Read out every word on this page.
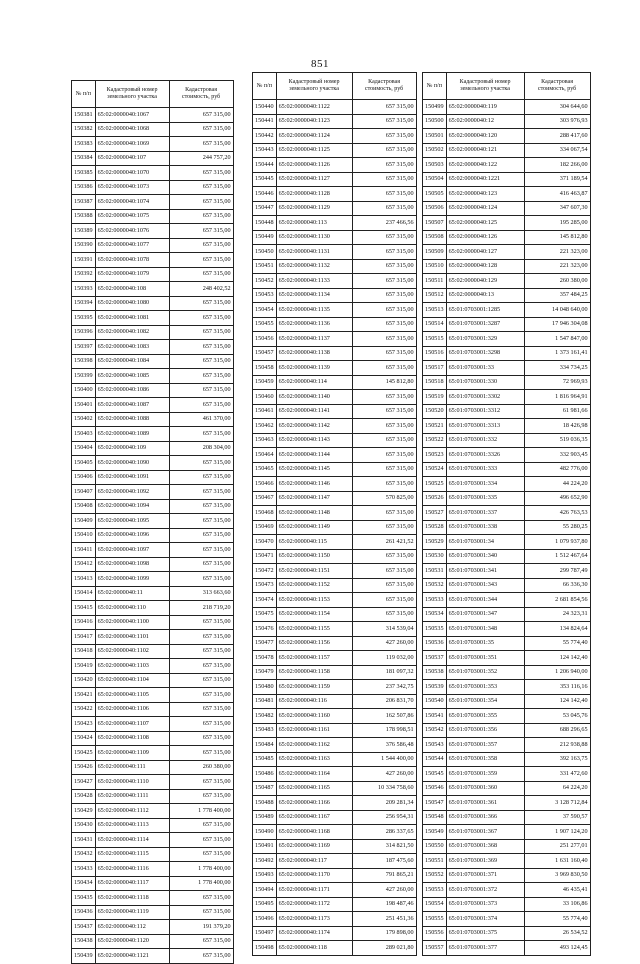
851
№ п/п	Кадастровый номер земельного участка	Кадастровая стоимость, руб
150381	65:02:0000040:1067	657 315,00
150382	65:02:0000040:1068	657 315,00
150383	65:02:0000040:1069	657 315,00
150384	65:02:0000040:107	244 757,20
150385	65:02:0000040:1070	657 315,00
150386	65:02:0000040:1073	657 315,00
150387	65:02:0000040:1074	657 315,00
150388	65:02:0000040:1075	657 315,00
150389	65:02:0000040:1076	657 315,00
150390	65:02:0000040:1077	657 315,00
150391	65:02:0000040:1078	657 315,00
150392	65:02:0000040:1079	657 315,00
150393	65:02:0000040:108	248 402,52
150394	65:02:0000040:1080	657 315,00
150395	65:02:0000040:1081	657 315,00
150396	65:02:0000040:1082	657 315,00
150397	65:02:0000040:1083	657 315,00
150398	65:02:0000040:1084	657 315,00
150399	65:02:0000040:1085	657 315,00
150400	65:02:0000040:1086	657 315,00
150401	65:02:0000040:1087	657 315,00
150402	65:02:0000040:1088	461 370,00
150403	65:02:0000040:1089	657 315,00
150404	65:02:0000040:109	208 304,00
150405	65:02:0000040:1090	657 315,00
150406	65:02:0000040:1091	657 315,00
150407	65:02:0000040:1092	657 315,00
150408	65:02:0000040:1094	657 315,00
150409	65:02:0000040:1095	657 315,00
150410	65:02:0000040:1096	657 315,00
150411	65:02:0000040:1097	657 315,00
150412	65:02:0000040:1098	657 315,00
150413	65:02:0000040:1099	657 315,00
150414	65:02:0000040:11	313 663,60
150415	65:02:0000040:110	218 719,20
150416	65:02:0000040:1100	657 315,00
150417	65:02:0000040:1101	657 315,00
150418	65:02:0000040:1102	657 315,00
150419	65:02:0000040:1103	657 315,00
150420	65:02:0000040:1104	657 315,00
150421	65:02:0000040:1105	657 315,00
150422	65:02:0000040:1106	657 315,00
150423	65:02:0000040:1107	657 315,00
150424	65:02:0000040:1108	657 315,00
150425	65:02:0000040:1109	657 315,00
150426	65:02:0000040:111	260 380,00
150427	65:02:0000040:1110	657 315,00
150428	65:02:0000040:1111	657 315,00
150429	65:02:0000040:1112	1 778 400,00
150430	65:02:0000040:1113	657 315,00
150431	65:02:0000040:1114	657 315,00
150432	65:02:0000040:1115	657 315,00
150433	65:02:0000040:1116	1 778 400,00
150434	65:02:0000040:1117	1 778 400,00
150435	65:02:0000040:1118	657 315,00
150436	65:02:0000040:1119	657 315,00
150437	65:02:0000040:112	191 379,20
150438	65:02:0000040:1120	657 315,00
150439	65:02:0000040:1121	657 315,00
№ п/п	Кадастровый номер земельного участка	Кадастровая стоимость, руб
150440	65:02:0000040:1122	657 315,00
150441	65:02:0000040:1123	657 315,00
150442	65:02:0000040:1124	657 315,00
150443	65:02:0000040:1125	657 315,00
150444	65:02:0000040:1126	657 315,00
150445	65:02:0000040:1127	657 315,00
150446	65:02:0000040:1128	657 315,00
150447	65:02:0000040:1129	657 315,00
150448	65:02:0000040:113	237 466,56
150449	65:02:0000040:1130	657 315,00
150450	65:02:0000040:1131	657 315,00
150451	65:02:0000040:1132	657 315,00
150452	65:02:0000040:1133	657 315,00
150453	65:02:0000040:1134	657 315,00
150454	65:02:0000040:1135	657 315,00
150455	65:02:0000040:1136	657 315,00
150456	65:02:0000040:1137	657 315,00
150457	65:02:0000040:1138	657 315,00
150458	65:02:0000040:1139	657 315,00
150459	65:02:0000040:114	145 812,80
150460	65:02:0000040:1140	657 315,00
150461	65:02:0000040:1141	657 315,00
150462	65:02:0000040:1142	657 315,00
150463	65:02:0000040:1143	657 315,00
150464	65:02:0000040:1144	657 315,00
150465	65:02:0000040:1145	657 315,00
150466	65:02:0000040:1146	657 315,00
150467	65:02:0000040:1147	570 825,00
150468	65:02:0000040:1148	657 315,00
150469	65:02:0000040:1149	657 315,00
150470	65:02:0000040:115	261 421,52
150471	65:02:0000040:1150	657 315,00
150472	65:02:0000040:1151	657 315,00
150473	65:02:0000040:1152	657 315,00
150474	65:02:0000040:1153	657 315,00
150475	65:02:0000040:1154	657 315,00
150476	65:02:0000040:1155	314 539,04
150477	65:02:0000040:1156	427 260,00
150478	65:02:0000040:1157	119 032,00
150479	65:02:0000040:1158	181 097,32
150480	65:02:0000040:1159	237 342,75
150481	65:02:0000040:116	206 831,70
150482	65:02:0000040:1160	162 507,86
150483	65:02:0000040:1161	178 998,51
150484	65:02:0000040:1162	376 586,48
150485	65:02:0000040:1163	1 544 400,00
150486	65:02:0000040:1164	427 260,00
150487	65:02:0000040:1165	10 334 758,60
150488	65:02:0000040:1166	209 281,34
150489	65:02:0000040:1167	256 954,31
150490	65:02:0000040:1168	286 337,65
150491	65:02:0000040:1169	314 821,50
150492	65:02:0000040:117	187 475,60
150493	65:02:0000040:1170	791 865,21
150494	65:02:0000040:1171	427 260,00
150495	65:02:0000040:1172	198 487,46
150496	65:02:0000040:1173	251 451,36
150497	65:02:0000040:1174	179 898,00
150498	65:02:0000040:118	289 021,80
№ п/п	Кадастровый номер земельного участка	Кадастровая стоимость, руб
150499	65:02:0000040:119	304 644,60
150500	65:02:0000040:12	303 976,93
150501	65:02:0000040:120	288 417,60
150502	65:02:0000040:121	334 067,54
150503	65:02:0000040:122	182 266,00
150504	65:02:0000040:1221	371 189,54
150505	65:02:0000040:123	416 463,87
150506	65:02:0000040:124	347 607,30
150507	65:02:0000040:125	195 285,00
150508	65:02:0000040:126	145 812,80
150509	65:02:0000040:127	221 323,00
150510	65:02:0000040:128	221 323,00
150511	65:02:0000040:129	260 380,00
150512	65:02:0000040:13	357 484,25
150513	65:01:0703001:1285	14 048 640,00
150514	65:01:0703001:3287	17 946 304,08
150515	65:01:0703001:329	1 547 847,00
150516	65:01:0703001:3298	1 373 161,41
150517	65:01:0703001:33	334 734,25
150518	65:01:0703001:330	72 969,93
150519	65:01:0703001:3302	1 816 964,91
150520	65:01:0703001:3312	61 981,66
150521	65:01:0703001:3313	18 426,98
150522	65:01:0703001:332	519 036,35
150523	65:01:0703001:3326	332 903,45
150524	65:01:0703001:333	482 776,00
150525	65:01:0703001:334	44 224,20
150526	65:01:0703001:335	496 652,90
150527	65:01:0703001:337	426 763,53
150528	65:01:0703001:338	55 280,25
150529	65:01:0703001:34	1 079 937,80
150530	65:01:0703001:340	1 512 467,64
150531	65:01:0703001:341	299 787,49
150532	65:01:0703001:343	66 336,30
150533	65:01:0703001:344	2 681 854,56
150534	65:01:0703001:347	24 323,31
150535	65:01:0703001:348	134 824,64
150536	65:01:0703001:35	55 774,40
150537	65:01:0703001:351	124 142,40
150538	65:01:0703001:352	1 206 940,00
150539	65:01:0703001:353	353 116,16
150540	65:01:0703001:354	124 142,40
150541	65:01:0703001:355	53 045,76
150542	65:01:0703001:356	688 296,65
150543	65:01:0703001:357	212 938,88
150544	65:01:0703001:358	392 163,75
150545	65:01:0703001:359	331 472,60
150546	65:01:0703001:360	64 224,20
150547	65:01:0703001:361	3 128 712,84
150548	65:01:0703001:366	37 590,57
150549	65:01:0703001:367	1 907 124,20
150550	65:01:0703001:368	251 277,01
150551	65:01:0703001:369	1 631 160,40
150552	65:01:0703001:371	3 969 830,50
150553	65:01:0703001:372	46 435,41
150554	65:01:0703001:373	33 106,86
150555	65:01:0703001:374	55 774,40
150556	65:01:0703001:375	26 534,52
150557	65:01:0703001:377	493 124,45
